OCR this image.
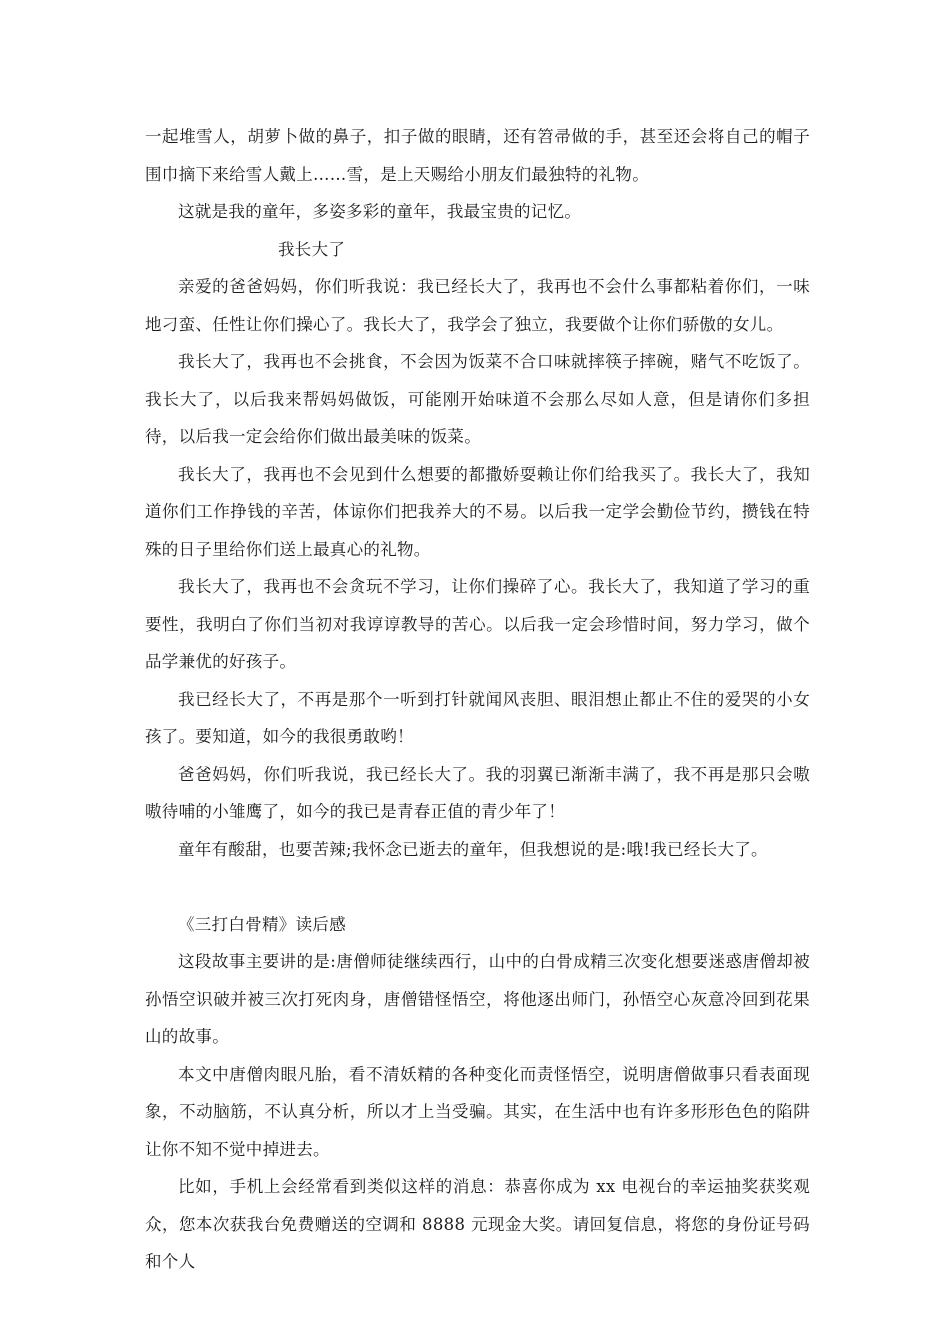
一起堆雪人，胡萝卜做的鼻子，扣子做的眼睛，还有笤帚做的手，甚至还会将自己的帽子围巾摘下来给雪人戴上……雪，是上天赐给小朋友们最独特的礼物。

这就是我的童年，多姿多彩的童年，我最宝贵的记忆。

我长大了

亲爱的爸爸妈妈，你们听我说：我已经长大了，我再也不会什么事都粘着你们，一味地刁蛮、任性让你们操心了。我长大了，我学会了独立，我要做个让你们骄傲的女儿。

我长大了，我再也不会挑食，不会因为饭菜不合口味就摔筷子摔碗，赌气不吃饭了。我长大了，以后我来帮妈妈做饭，可能刚开始味道不会那么尽如人意，但是请你们多担待，以后我一定会给你们做出最美味的饭菜。

我长大了，我再也不会见到什么想要的都撒娇耍赖让你们给我买了。我长大了，我知道你们工作挣钱的辛苦，体谅你们把我养大的不易。以后我一定学会勤俭节约，攒钱在特殊的日子里给你们送上最真心的礼物。

我长大了，我再也不会贪玩不学习，让你们操碎了心。我长大了，我知道了学习的重要性，我明白了你们当初对我谆谆教导的苦心。以后我一定会珍惜时间，努力学习，做个品学兼优的好孩子。

我已经长大了，不再是那个一听到打针就闻风丧胆、眼泪想止都止不住的爱哭的小女孩了。要知道，如今的我很勇敢哟！

爸爸妈妈，你们听我说，我已经长大了。我的羽翼已渐渐丰满了，我不再是那只会嗷嗷待哺的小雏鹰了，如今的我已是青春正值的青少年了！

童年有酸甜，也要苦辣;我怀念已逝去的童年，但我想说的是:哦!我已经长大了。

《三打白骨精》读后感

这段故事主要讲的是:唐僧师徒继续西行，山中的白骨成精三次变化想要迷惑唐僧却被孙悟空识破并被三次打死肉身，唐僧错怪悟空，将他逐出师门，孙悟空心灰意冷回到花果山的故事。

本文中唐僧肉眼凡胎，看不清妖精的各种变化而责怪悟空，说明唐僧做事只看表面现象，不动脑筋，不认真分析，所以才上当受骗。其实，在生活中也有许多形形色色的陷阱让你不知不觉中掉进去。

比如，手机上会经常看到类似这样的消息：恭喜你成为 xx 电视台的幸运抽奖获奖观众，您本次获我台免费赠送的空调和 8888 元现金大奖。请回复信息，将您的身份证号码和个人
